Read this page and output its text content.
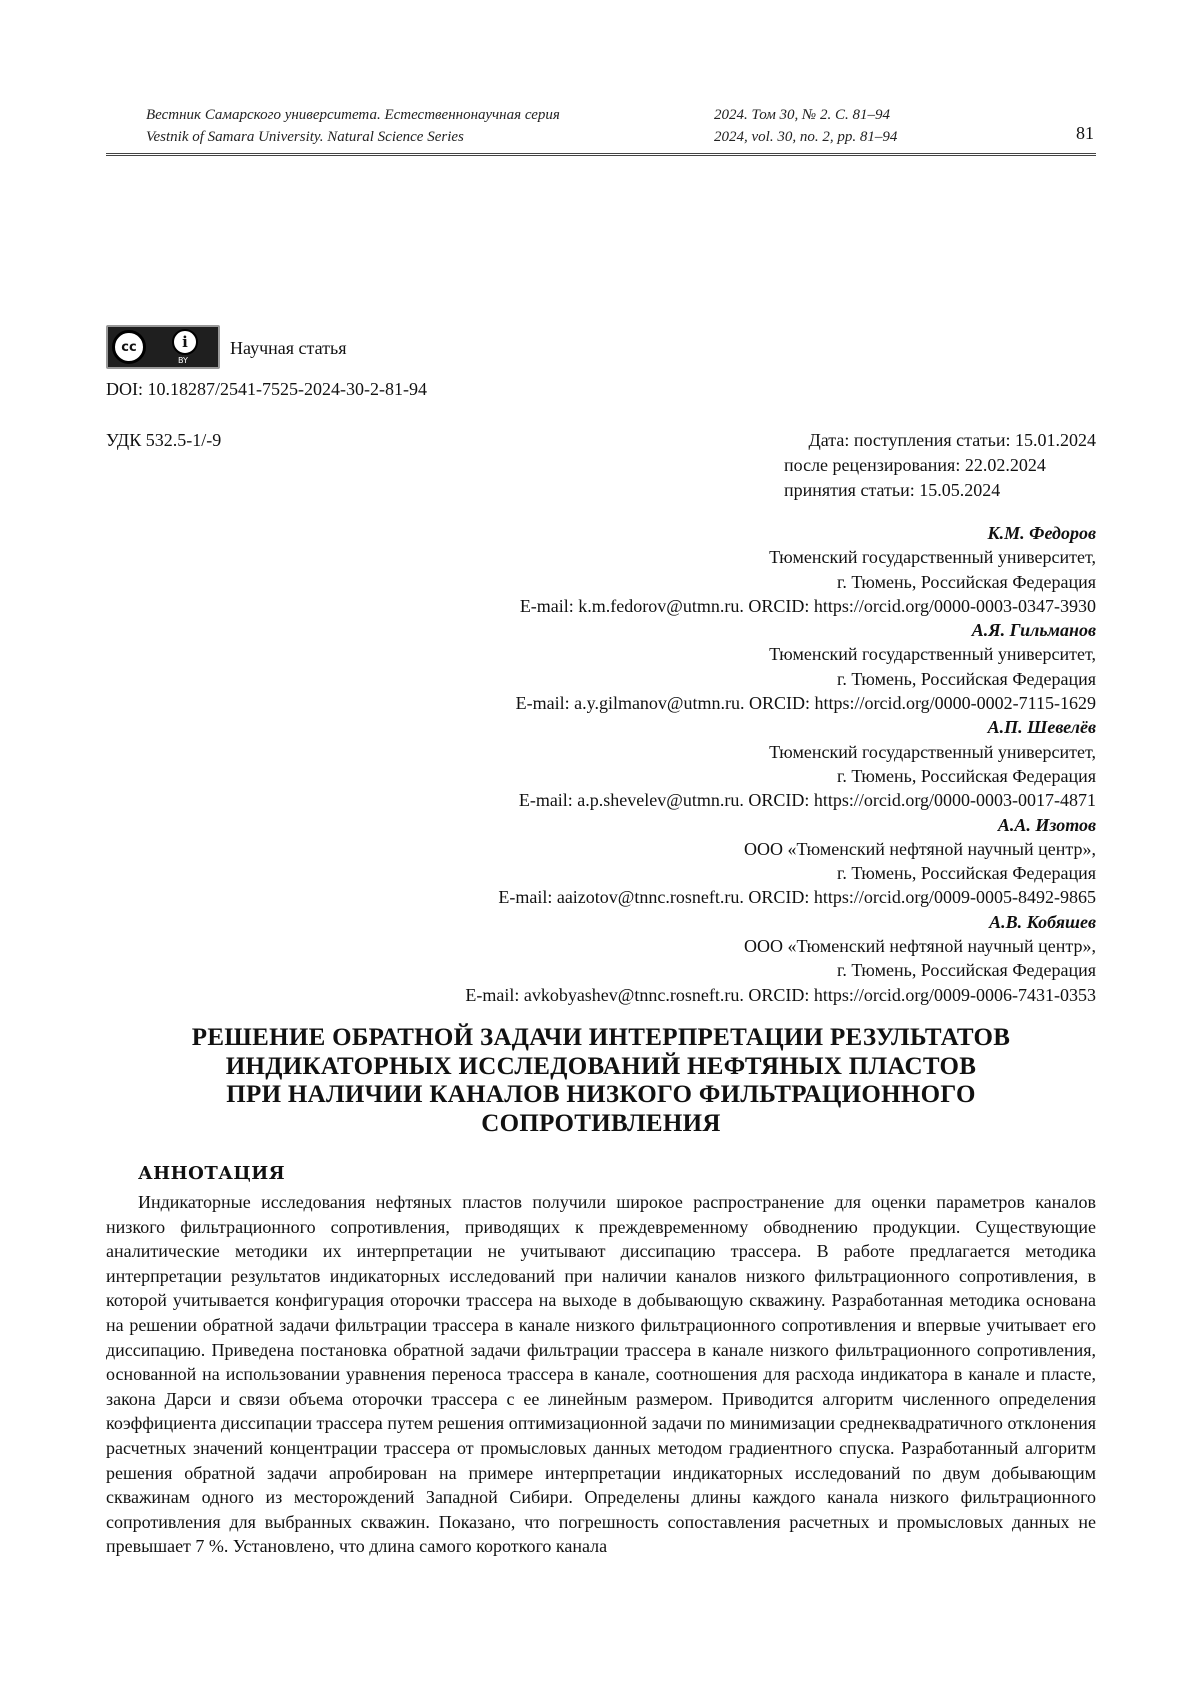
Вестник Самарского университета. Естественнонаучная серия
Vestnik of Samara University. Natural Science Series
2024. Том 30, № 2. С. 81–94
2024, vol. 30, no. 2, pp. 81–94	81
cc	i
BY
Научная статья
DOI: 10.18287/2541-7525-2024-30-2-81-94
УДК 532.5-1/-9	Дата: поступления статьи: 15.01.2024
после рецензирования: 22.02.2024
принятия статьи: 15.05.2024
К.М. Федоров
Тюменский государственный университет,
г. Тюмень, Российская Федерация
E-mail: k.m.fedorov@utmn.ru. ORCID: https://orcid.org/0000-0003-0347-3930
А.Я. Гильманов
Тюменский государственный университет,
г. Тюмень, Российская Федерация
E-mail: a.y.gilmanov@utmn.ru. ORCID: https://orcid.org/0000-0002-7115-1629
А.П. Шевелёв
Тюменский государственный университет,
г. Тюмень, Российская Федерация
E-mail: a.p.shevelev@utmn.ru. ORCID: https://orcid.org/0000-0003-0017-4871
А.А. Изотов
ООО «Тюменский нефтяной научный центр»,
г. Тюмень, Российская Федерация
E-mail: aaizotov@tnnc.rosneft.ru. ORCID: https://orcid.org/0009-0005-8492-9865
А.В. Кобяшев
ООО «Тюменский нефтяной научный центр»,
г. Тюмень, Российская Федерация
E-mail: avkobyashev@tnnc.rosneft.ru. ORCID: https://orcid.org/0009-0006-7431-0353
РЕШЕНИЕ ОБРАТНОЙ ЗАДАЧИ ИНТЕРПРЕТАЦИИ РЕЗУЛЬТАТОВ
ИНДИКАТОРНЫХ ИССЛЕДОВАНИЙ НЕФТЯНЫХ ПЛАСТОВ
ПРИ НАЛИЧИИ КАНАЛОВ НИЗКОГО ФИЛЬТРАЦИОННОГО
СОПРОТИВЛЕНИЯ
АННОТАЦИЯ
Индикаторные исследования нефтяных пластов получили широкое распространение для оценки параметров каналов низкого фильтрационного сопротивления, приводящих к преждевременному обводнению продукции. Существующие аналитические методики их интерпретации не учитывают диссипацию трассера. В работе предлагается методика интерпретации результатов индикаторных исследований при наличии каналов низкого фильтрационного сопротивления, в которой учитывается конфигурация оторочки трассера на выходе в добывающую скважину. Разработанная методика основана на решении обратной задачи фильтрации трассера в канале низкого фильтрационного сопротивления и впервые учитывает его диссипацию. Приведена постановка обратной задачи фильтрации трассера в канале низкого фильтрационного сопротивления, основанной на использовании уравнения переноса трассера в канале, соотношения для расхода индикатора в канале и пласте, закона Дарси и связи объема оторочки трассера с ее линейным размером. Приводится алгоритм численного определения коэффициента диссипации трассера путем решения оптимизационной задачи по минимизации среднеквадратичного отклонения расчетных значений концентрации трассера от промысловых данных методом градиентного спуска. Разработанный алгоритм решения обратной задачи апробирован на примере интерпретации индикаторных исследований по двум добывающим скважинам одного из месторождений Западной Сибири. Определены длины каждого канала низкого фильтрационного сопротивления для выбранных скважин. Показано, что погрешность сопоставления расчетных и промысловых данных не превышает 7 %. Установлено, что длина самого короткого канала
